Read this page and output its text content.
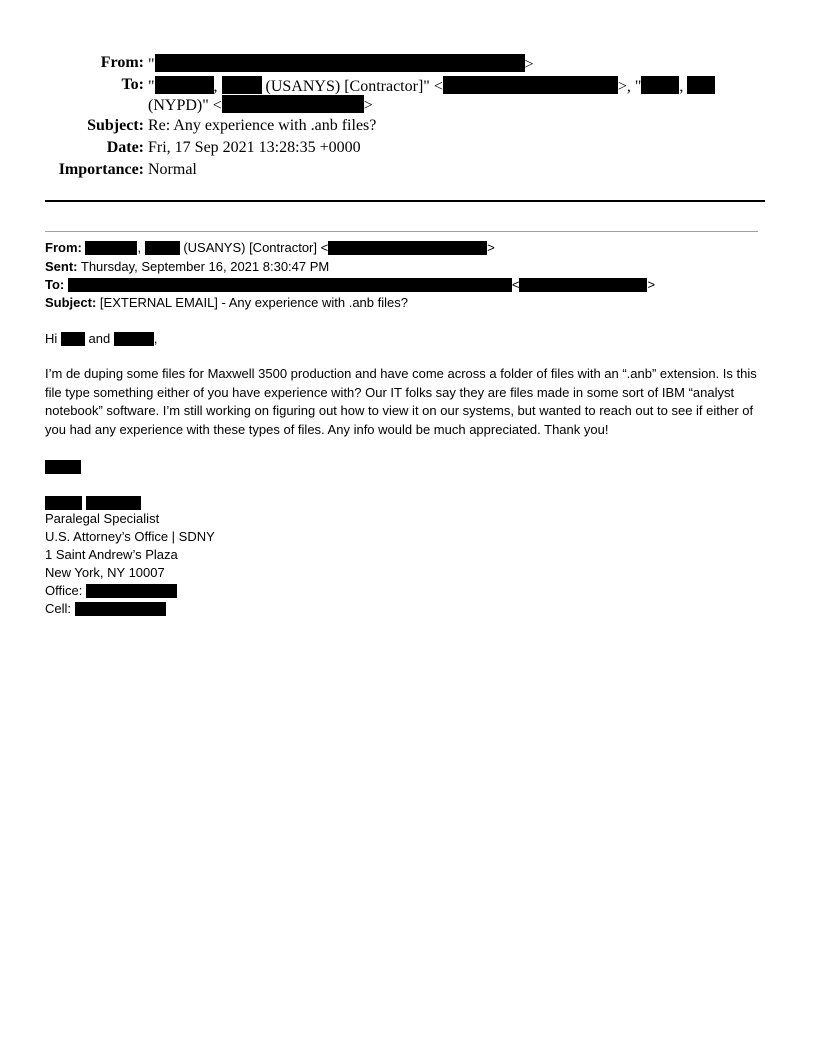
From: "	>
To: "	,	(USANYS) [Contractor]" <	>, " ,
(NYPD)" <	>
Subject: Re: Any experience with .anb files?
Date: Fri, 17 Sep 2021 13:28:35 +0000
Importance: Normal
From:	,	(USANYS) [Contractor] <	>
Sent: Thursday, September 16, 2021 8:30:47 PM
To:	<	>
Subject: [EXTERNAL EMAIL] - Any experience with .anb files?
Hi and	,
I’m de duping some files for Maxwell 3500 production and have come across a folder of files with an “.anb” extension. Is this file type something either of you have experience with? Our IT folks say they are files made in some sort of IBM “analyst notebook” software. I’m still working on figuring out how to view it on our systems, but wanted to reach out to see if either of you had any experience with these types of files. Any info would be much appreciated. Thank you!

Paralegal Specialist
U.S. Attorney’s Office | SDNY
1 Saint Andrew’s Plaza
New York, NY 10007
Office:
Cell:
